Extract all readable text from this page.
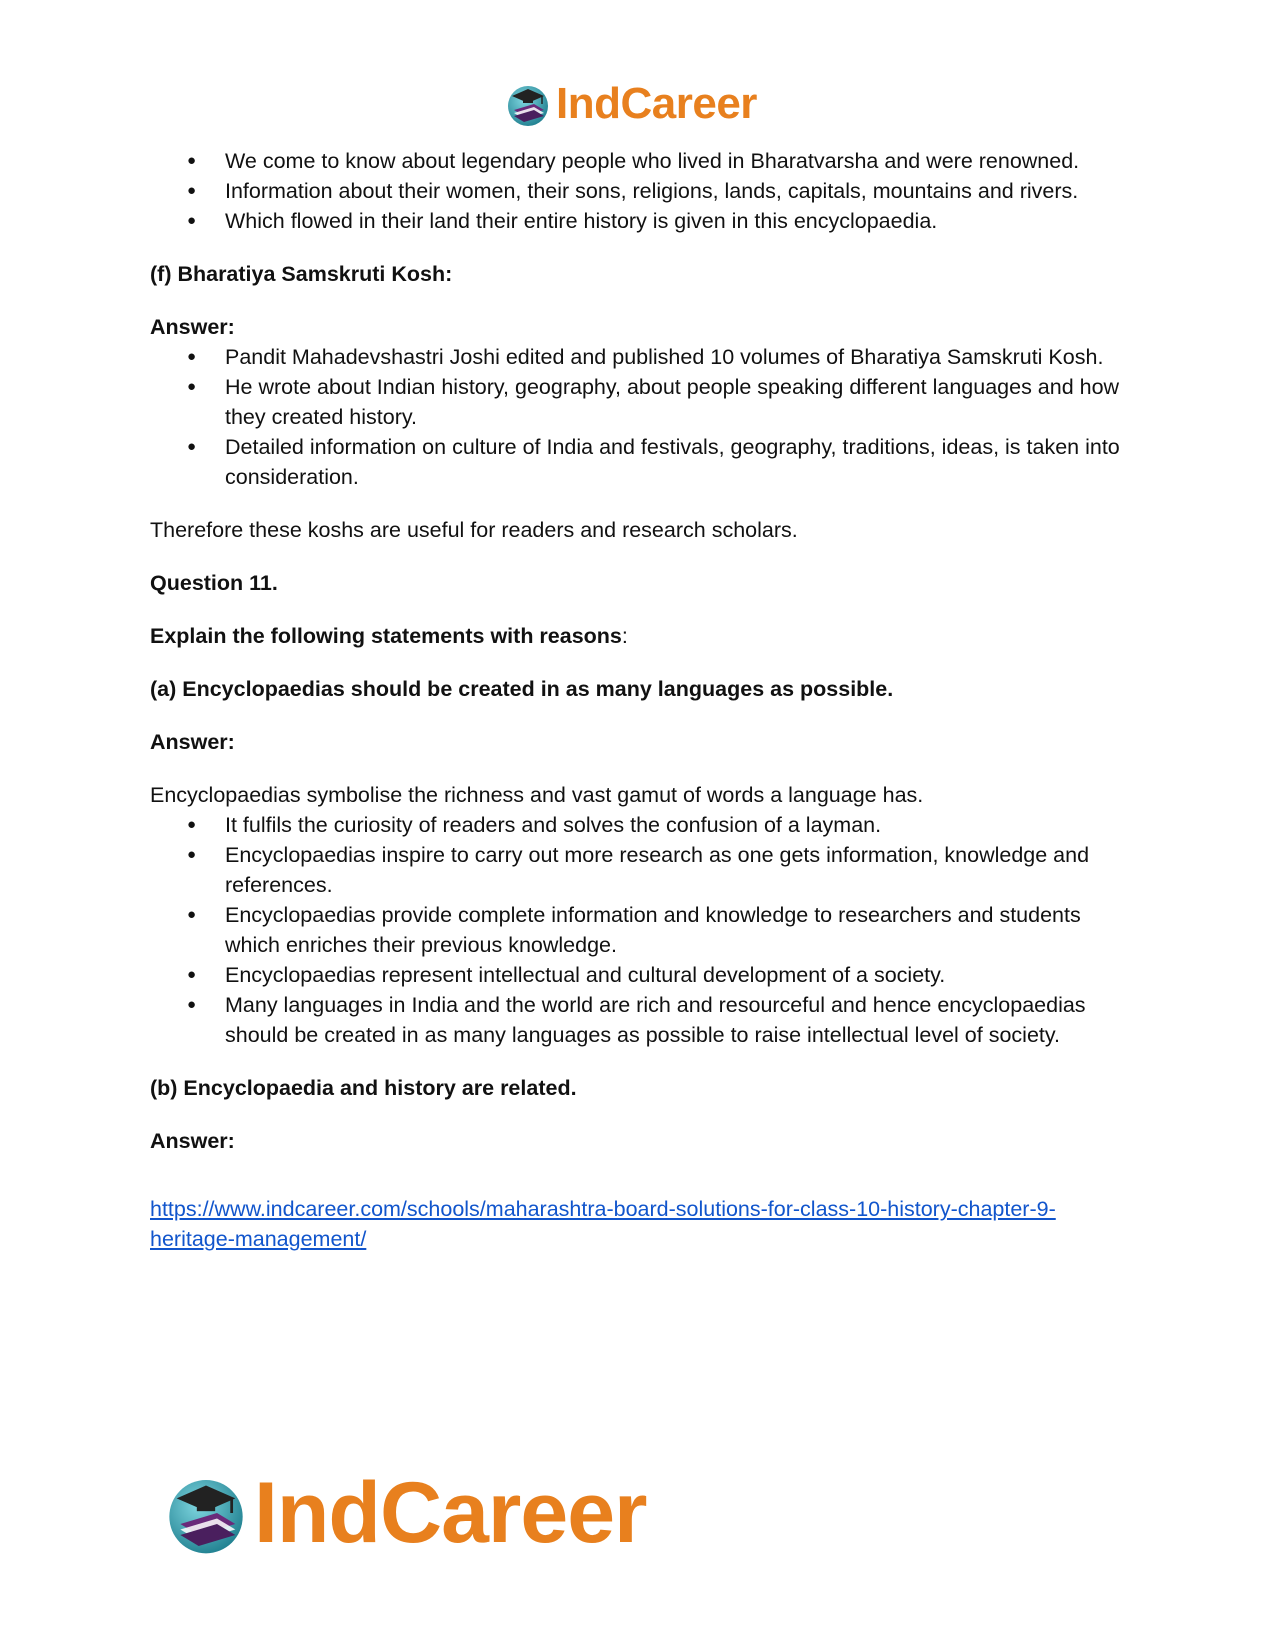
IndCareer
● We come to know about legendary people who lived in Bharatvarsha and were renowned.
● Information about their women, their sons, religions, lands, capitals, mountains and rivers.
● Which flowed in their land their entire history is given in this encyclopaedia.

(f) Bharatiya Samskruti Kosh:

Answer:

● Pandit Mahadevshastri Joshi edited and published 10 volumes of Bharatiya Samskruti Kosh.
● He wrote about Indian history, geography, about people speaking different languages and how they created history.
● Detailed information on culture of India and festivals, geography, traditions, ideas, is taken into consideration.

Therefore these koshs are useful for readers and research scholars.

Question 11.

Explain the following statements with reasons:

(a) Encyclopaedias should be created in as many languages as possible.

Answer:

Encyclopaedias symbolise the richness and vast gamut of words a language has.

● It fulfils the curiosity of readers and solves the confusion of a layman.
● Encyclopaedias inspire to carry out more research as one gets information, knowledge and references.
● Encyclopaedias provide complete information and knowledge to researchers and students which enriches their previous knowledge.
● Encyclopaedias represent intellectual and cultural development of a society.
● Many languages in India and the world are rich and resourceful and hence encyclopaedias should be created in as many languages as possible to raise intellectual level of society.

(b) Encyclopaedia and history are related.

Answer:

https://www.indcareer.com/schools/maharashtra-board-solutions-for-class-10-history-chapter-9-
heritage-management/
IndCareer
